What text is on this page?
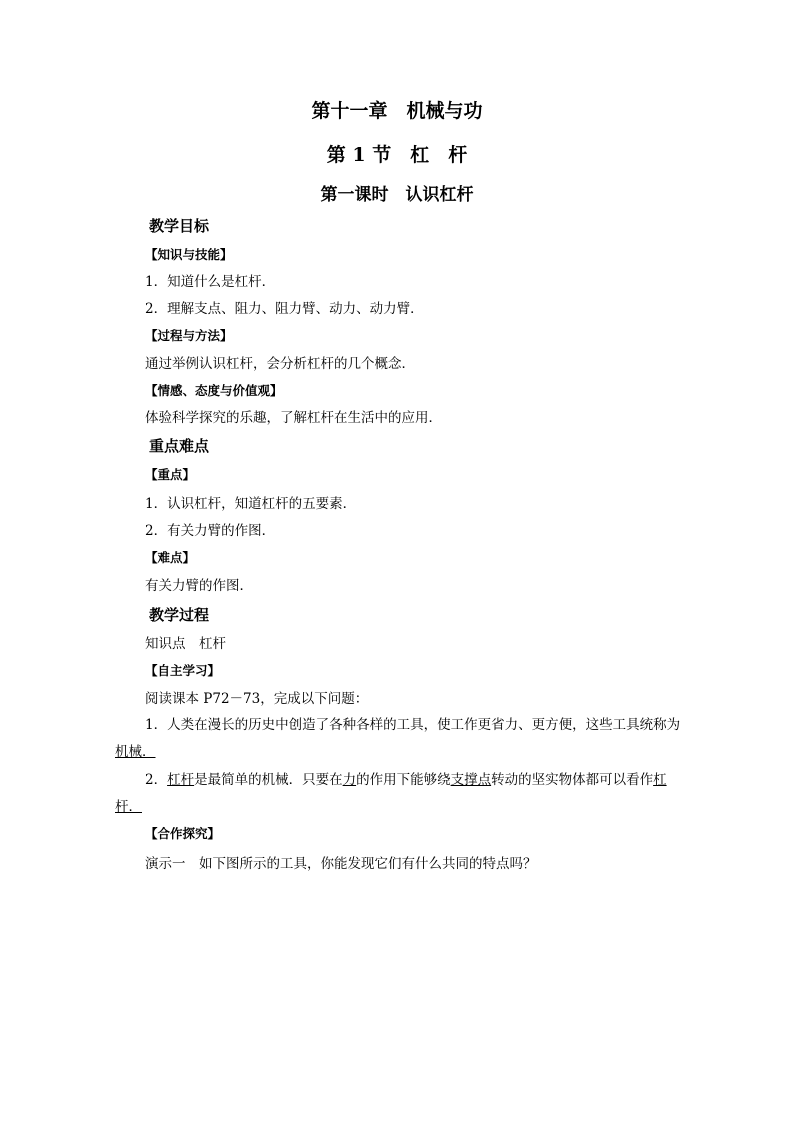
第十一章　机械与功
第 1 节　杠　杆
第一课时　认识杠杆
教学目标
【知识与技能】
1．知道什么是杠杆．
2．理解支点、阻力、阻力臂、动力、动力臂．
【过程与方法】
通过举例认识杠杆，会分析杠杆的几个概念．
【情感、态度与价值观】
体验科学探究的乐趣，了解杠杆在生活中的应用．
重点难点
【重点】
1．认识杠杆，知道杠杆的五要素．
2．有关力臂的作图．
【难点】
有关力臂的作图．
教学过程
知识点　杠杆
【自主学习】
阅读课本 P72－73，完成以下问题：
1．人类在漫长的历史中创造了各种各样的工具，使工作更省力、更方便，这些工具统称为机械．
2．杠杆是最简单的机械．只要在力的作用下能够绕支撑点转动的坚实物体都可以看作杠杆．
【合作探究】
演示一　如下图所示的工具，你能发现它们有什么共同的特点吗？
